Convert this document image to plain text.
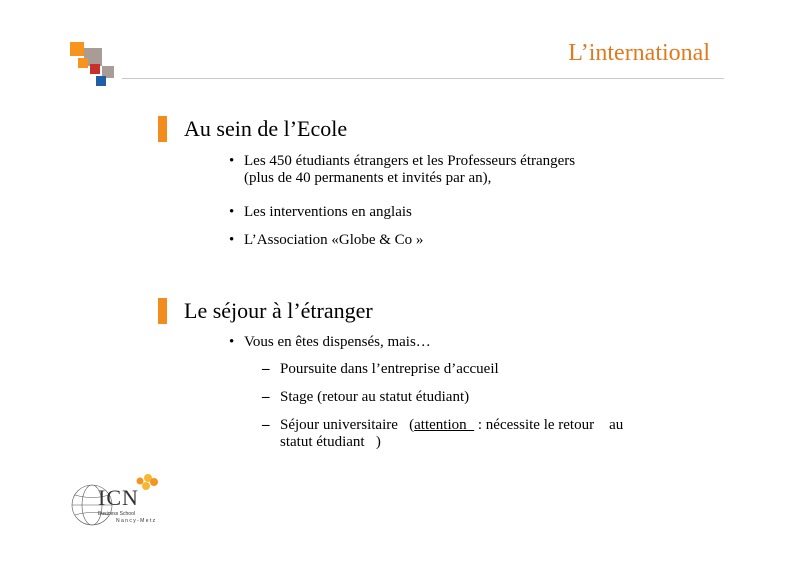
L’international
Au sein de l’Ecole
• Les 450 étudiants étrangers et les Professeurs étrangers
(plus de 40 permanents et invités par an),
• Les interventions en anglais
• L’Association «Globe & Co »
Le séjour à l’étranger
• Vous en êtes dispensés, mais…
– Poursuite dans l’entreprise d’accueil
– Stage (retour au statut étudiant)
– Séjour universitaire   (attention   : nécessite le retour    au
statut étudiant   )
ICN
Business School
N a n c y - M e t z
